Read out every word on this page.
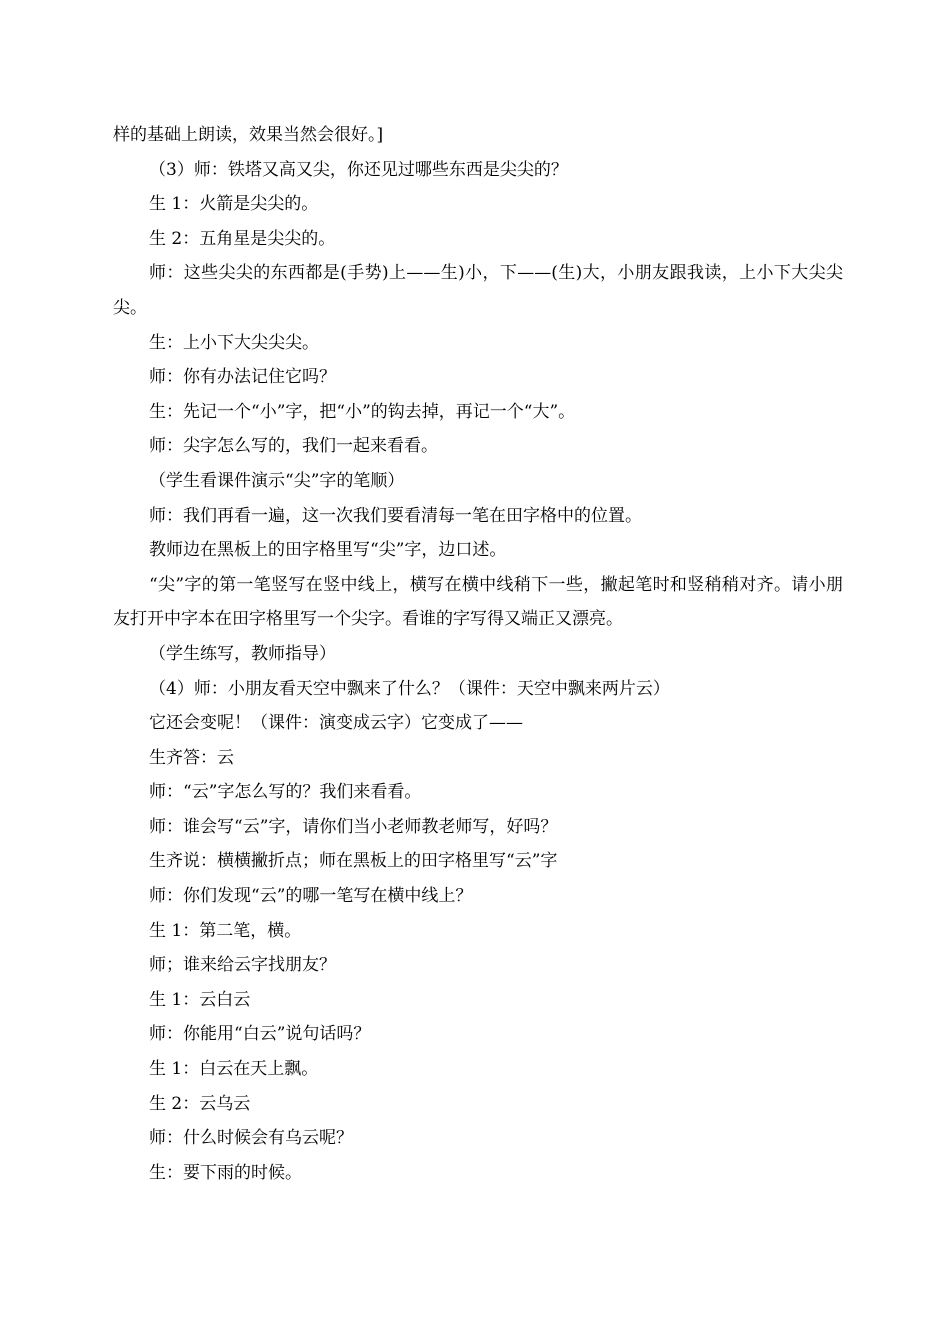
样的基础上朗读，效果当然会很好。]

（3）师：铁塔又高又尖，你还见过哪些东西是尖尖的？

生 1：火箭是尖尖的。

生 2：五角星是尖尖的。

师：这些尖尖的东西都是(手势)上——生)小，下——(生)大，小朋友跟我读，上小下大尖尖尖。

生：上小下大尖尖尖。

师：你有办法记住它吗？

生：先记一个“小”字，把“小”的钩去掉，再记一个“大”。

师：尖字怎么写的，我们一起来看看。

（学生看课件演示“尖”字的笔顺）

师：我们再看一遍，这一次我们要看清每一笔在田字格中的位置。

教师边在黑板上的田字格里写“尖”字，边口述。

“尖”字的第一笔竖写在竖中线上，横写在横中线稍下一些，撇起笔时和竖稍稍对齐。请小朋友打开中字本在田字格里写一个尖字。看谁的字写得又端正又漂亮。

（学生练写，教师指导）

（4）师：小朋友看天空中飘来了什么？（课件：天空中飘来两片云）

它还会变呢！（课件：演变成云字）它变成了——

生齐答：云

师：“云”字怎么写的？我们来看看。

师：谁会写“云”字，请你们当小老师教老师写，好吗？

生齐说：横横撇折点；师在黑板上的田字格里写“云”字

师：你们发现“云”的哪一笔写在横中线上？

生 1：第二笔，横。

师；谁来给云字找朋友？

生 1：云白云

师：你能用“白云”说句话吗？

生 1：白云在天上飘。

生 2：云乌云

师：什么时候会有乌云呢？

生：要下雨的时候。
